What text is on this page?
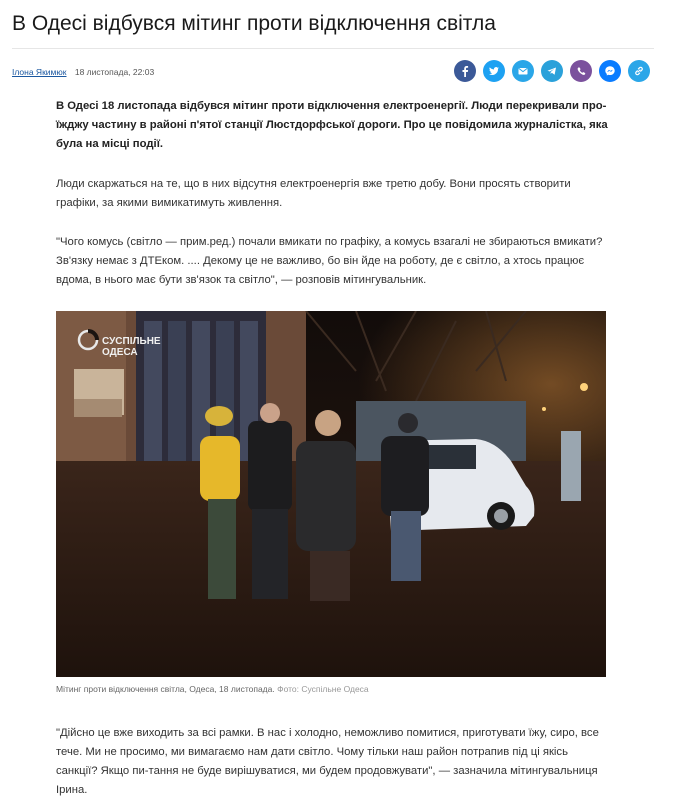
В Одесі відбувся мітинг проти відключення світла
Ілона Якимюк 18 листопада, 22:03

В Одесі 18 листопада відбувся мітинг проти відключення електроенергії. Люди перекривали про-їжджу частину в районі п'ятої станції Люстдорфської дороги. Про це повідомила журналістка, яка була на місці події.

Люди скаржаться на те, що в них відсутня електроенергія вже третю добу. Вони просять створити графіки, за якими вимикатимуть живлення.

"Чого комусь (світло — прим.ред.) почали вмикати по графіку, а комусь взагалі не збираються вмикати? Зв'язку немає з ДТЕком. .... Декому це не важливо, бо він йде на роботу, де є світло, а хтось працює вдома, в нього має бути зв'язок та світло", — розповів мітингувальник.

СУСПІЛЬНЕ
ОДЕСА
Мітинг проти відключення світла, Одеса, 18 листопада. Фото: Суспільне Одеса

"Дійсно це вже виходить за всі рамки. В нас і холодно, неможливо помитися, приготувати їжу, сиро, все тече. Ми не просимо, ми вимагаємо нам дати світло. Чому тільки наш район потрапив під ці якісь санкції? Якщо пи-тання не буде вирішуватися, ми будем продовжувати", — зазначила мітингувальниця Ірина.
